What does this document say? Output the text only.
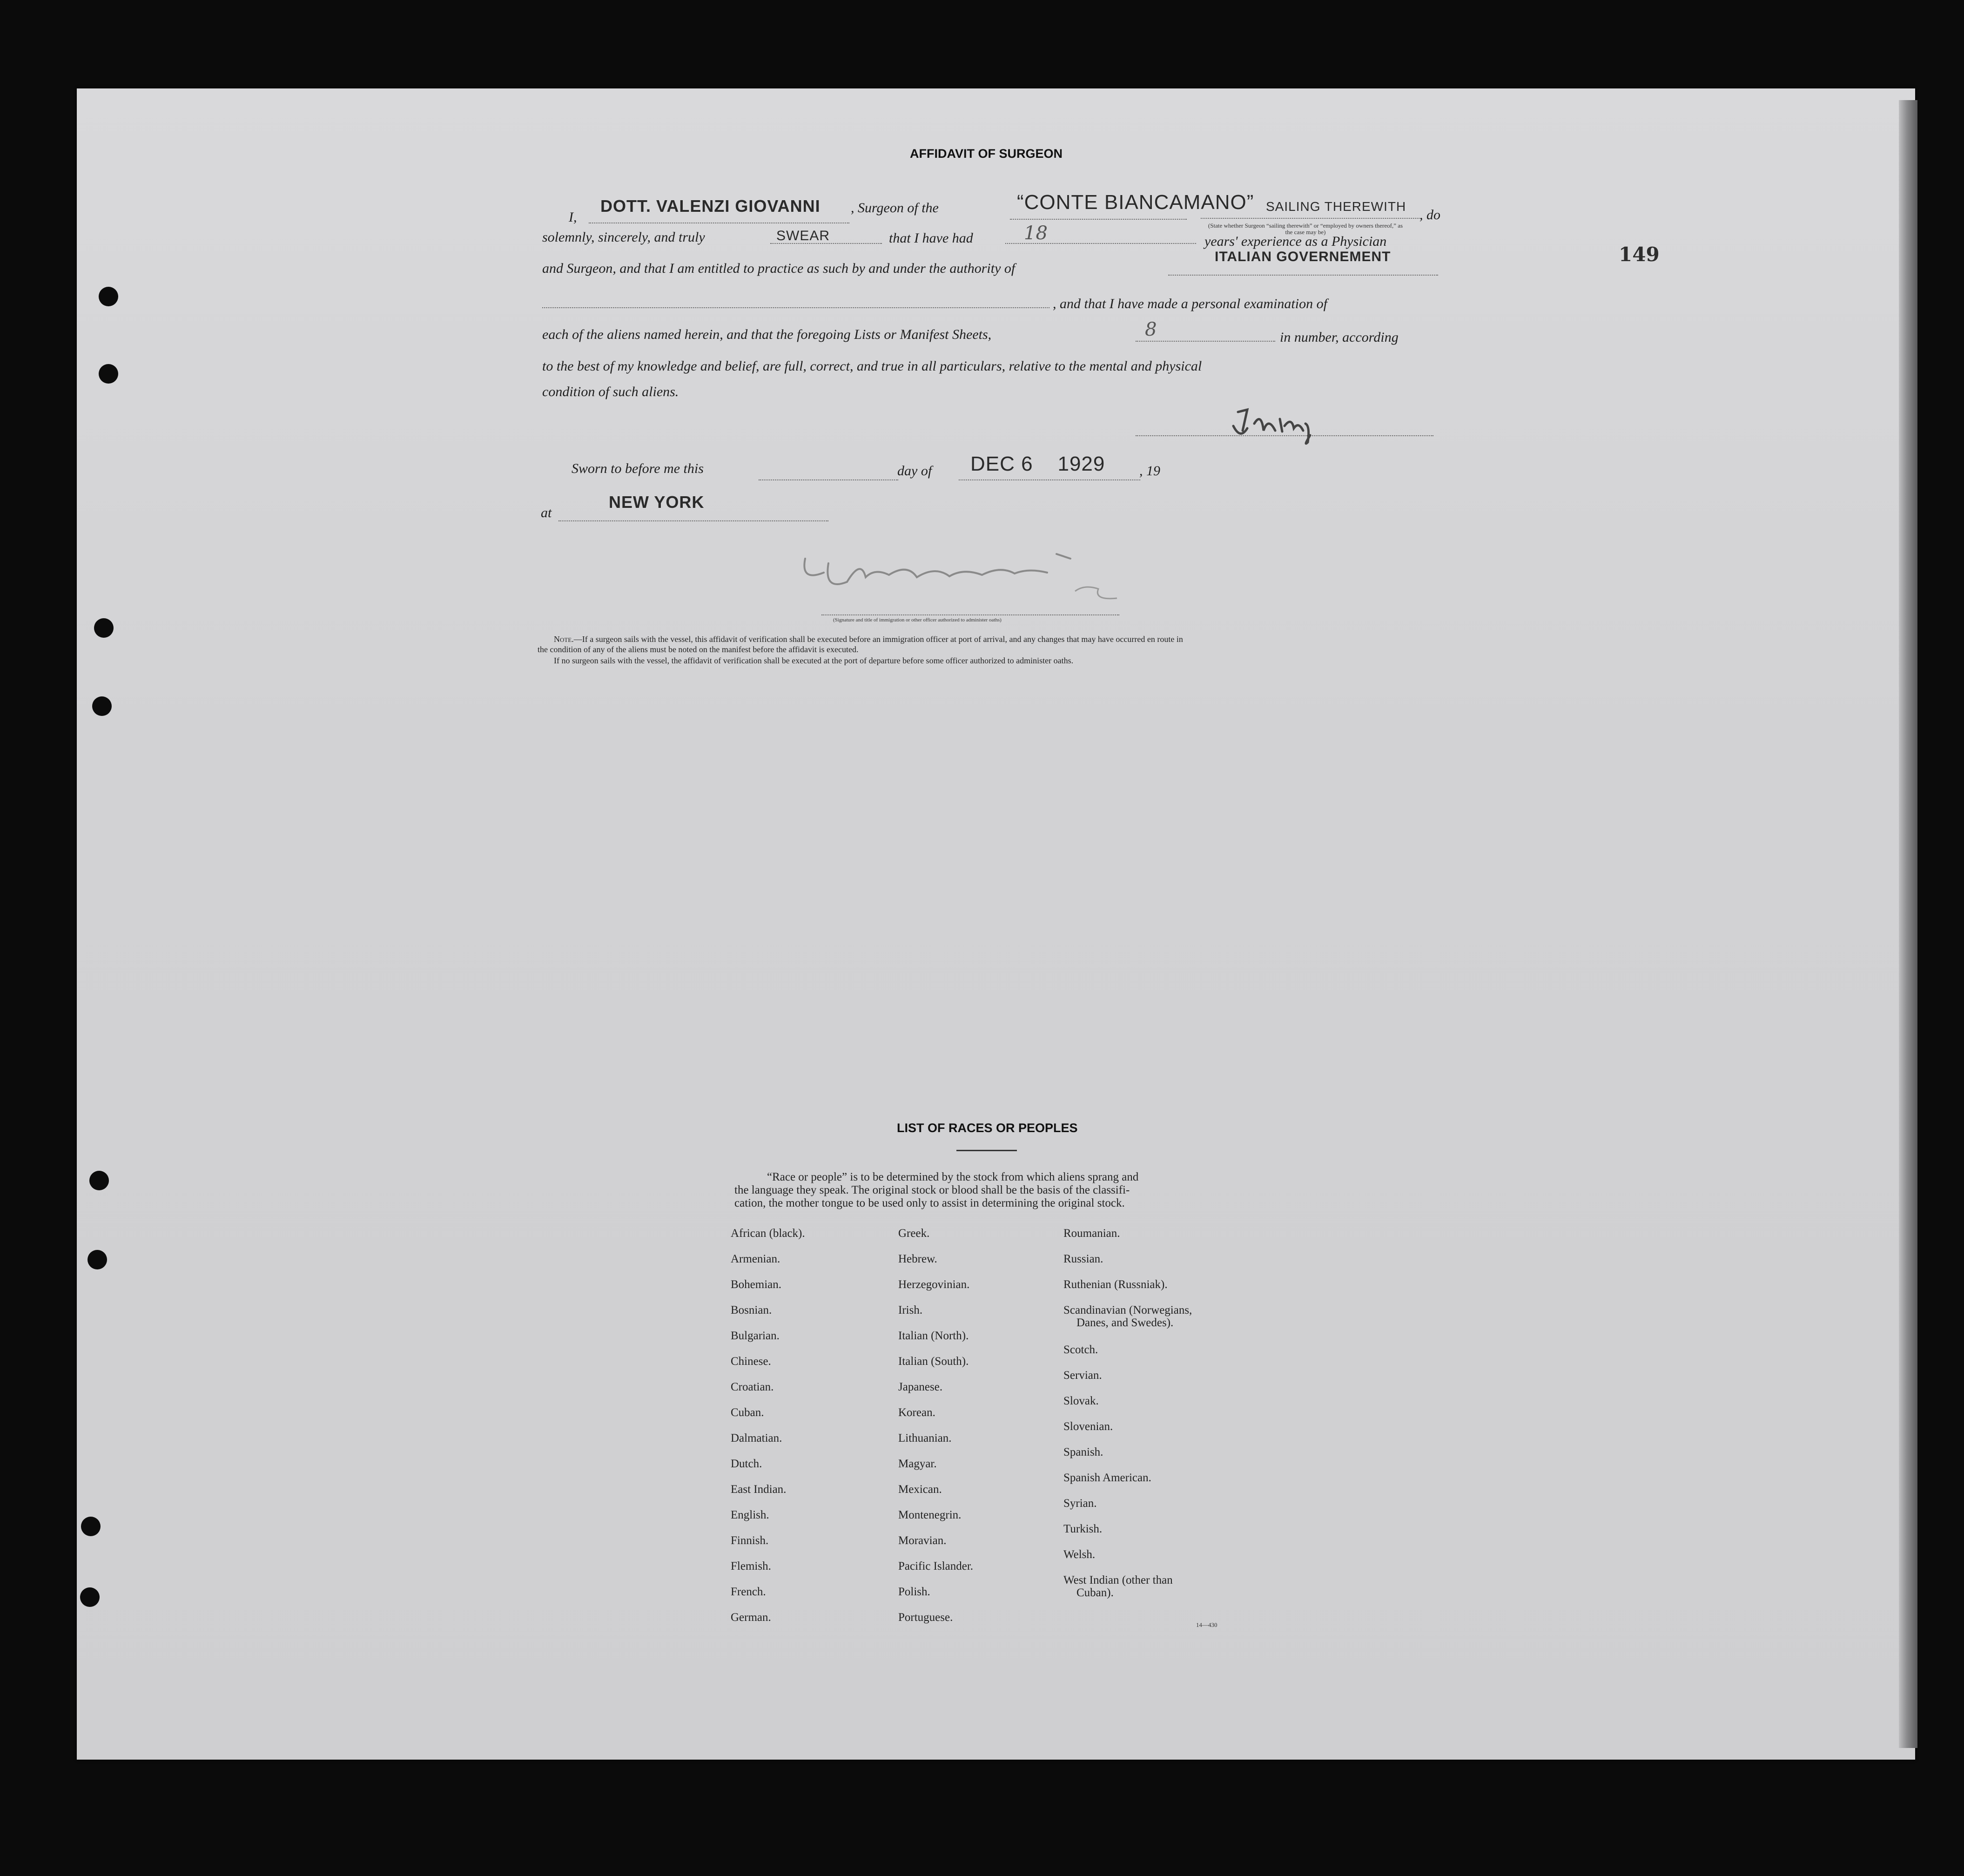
149
AFFIDAVIT OF SURGEON
I,
DOTT. VALENZI GIOVANNI , Surgeon of the	“CONTE BIANCAMANO” SAILING THEREWITH
, do
(State whether Surgeon “sailing therewith” or “employed by owners thereof,” as the case may be)
solemnly, sincerely, and truly	SWEAR	that I have had	18	years' experience as a Physician
and Surgeon, and that I am entitled to practice as such by and under the authority of
ITALIAN GOVERNEMENT
, and that I have made a personal examination of
each of the aliens named herein, and that the foregoing Lists or Manifest Sheets,	8	in number, according
to the best of my knowledge and belief, are full, correct, and true in all particulars, relative to the mental and physical
condition of such aliens.
Sworn to before me this	day of DEC 6    1929 , 19
at
NEW YORK
(Signature and title of immigration or other officer authorized to administer oaths)
Note.—If a surgeon sails with the vessel, this affidavit of verification shall be executed before an immigration officer at port of arrival, and any changes that may have occurred en route in
the condition of any of the aliens must be noted on the manifest before the affidavit is executed.
If no surgeon sails with the vessel, the affidavit of verification shall be executed at the port of departure before some officer authorized to administer oaths.
LIST OF RACES OR PEOPLES
“Race or people” is to be determined by the stock from which aliens sprang and
the language they speak. The original stock or blood shall be the basis of the classifi-
cation, the mother tongue to be used only to assist in determining the original stock.
African (black).
Armenian.
Bohemian.
Bosnian.
Bulgarian.
Chinese.
Croatian.
Cuban.
Dalmatian.
Dutch.
East Indian.
English.
Finnish.
Flemish.
French.
German.
Greek.
Hebrew.
Herzegovinian.
Irish.
Italian (North).
Italian (South).
Japanese.
Korean.
Lithuanian.
Magyar.
Mexican.
Montenegrin.
Moravian.
Pacific Islander.
Polish.
Portuguese.
Roumanian.
Russian.
Ruthenian (Russniak).
Scandinavian (Norwegians,
Danes, and Swedes).
Scotch.
Servian.
Slovak.
Slovenian.
Spanish.
Spanish American.
Syrian.
Turkish.
Welsh.
West Indian (other than
Cuban).
14—430
